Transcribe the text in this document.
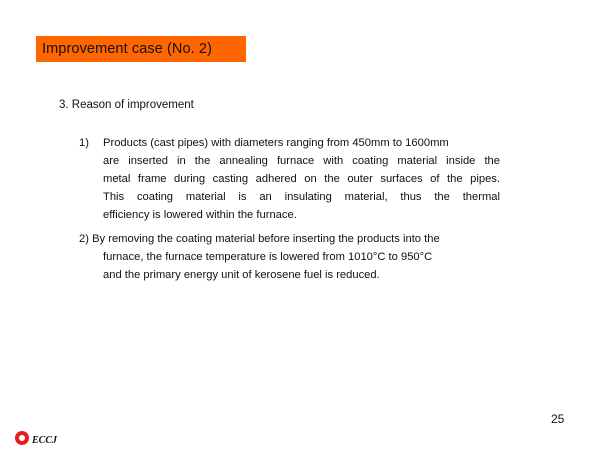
Improvement case (No. 2)
3. Reason of improvement
1)	Products (cast pipes) with diameters ranging from 450mm to 1600mm
are inserted in the annealing furnace with coating material inside the
metal frame during casting adhered on the outer surfaces of the pipes.
This coating material is an insulating material, thus the thermal
efficiency is lowered within the furnace.
2) By removing the coating material before inserting the products into the
furnace, the furnace temperature is lowered from 1010°C to 950°C
and the primary energy unit of kerosene fuel is reduced.
25
ECCJ
